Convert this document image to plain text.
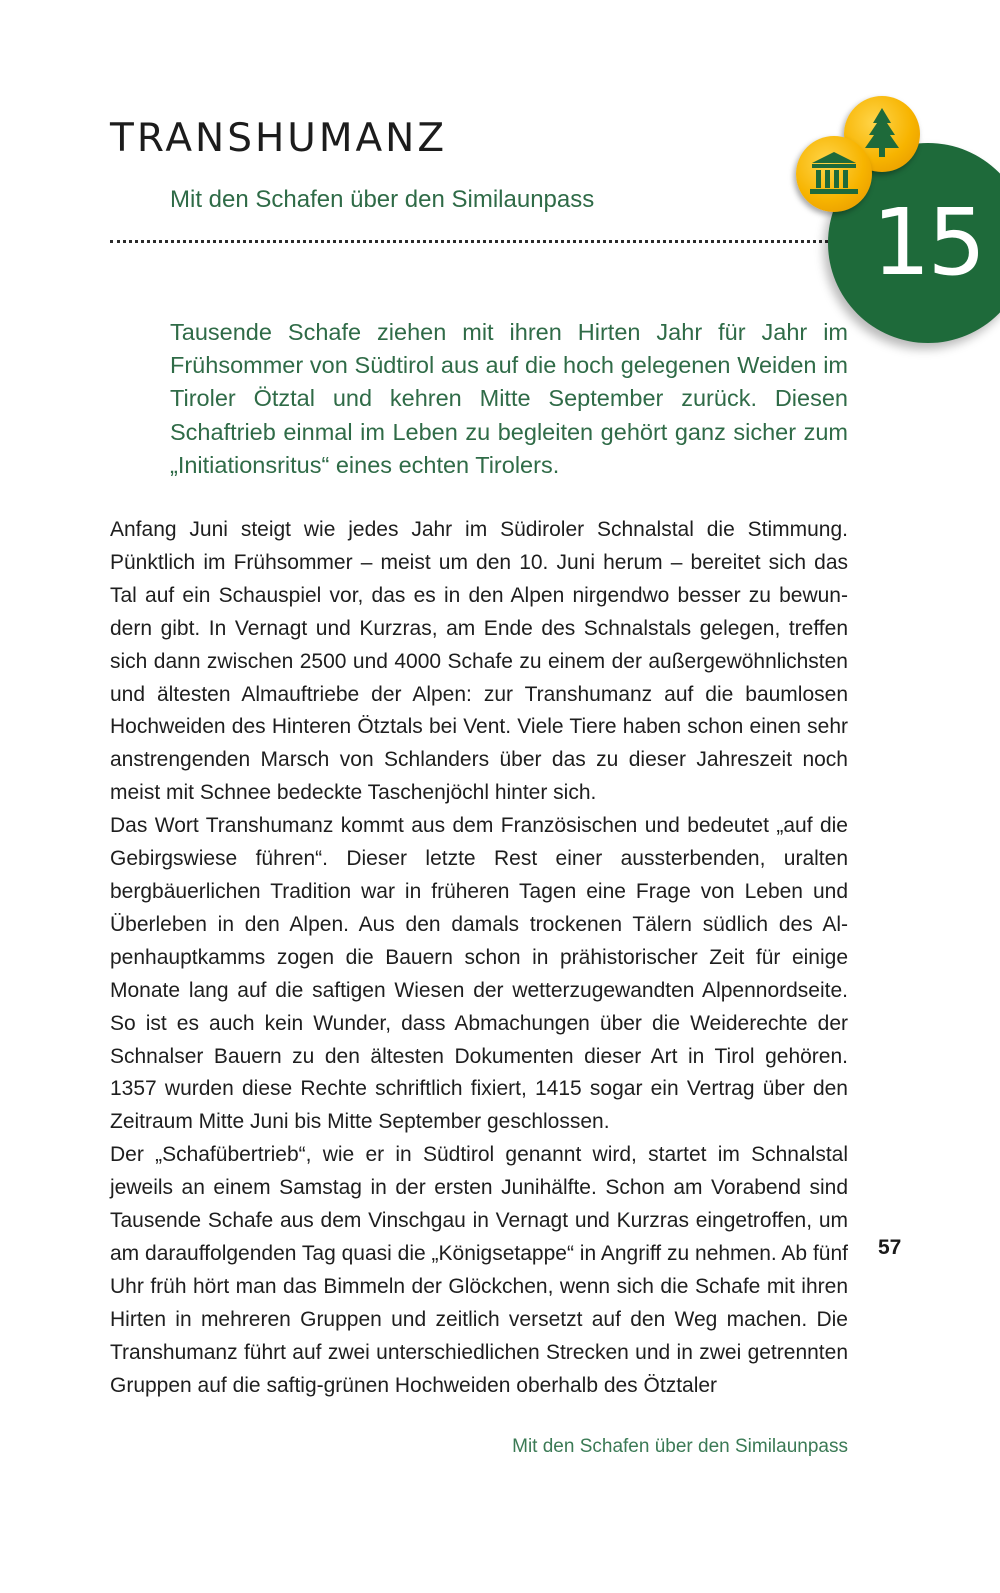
TRANSHUMANZ
Mit den Schafen über den Similaunpass	15

Tausende Schafe ziehen mit ihren Hirten Jahr für Jahr im Frühsommer von Südtirol aus auf die hoch gelegenen Weiden im Tiroler Ötztal und kehren Mitte September zurück. Diesen Schaftrieb einmal im Leben zu begleiten gehört ganz sicher zum „Initiationsritus“ eines echten Tirolers.

Anfang Juni steigt wie jedes Jahr im Südiroler Schnalstal die Stimmung. Pünktlich im Frühsommer – meist um den 10. Juni herum – bereitet sich das Tal auf ein Schauspiel vor, das es in den Alpen nirgendwo besser zu bewundern gibt. In Vernagt und Kurzras, am Ende des Schnalstals gelegen, treffen sich dann zwischen 2500 und 4000 Schafe zu einem der außergewöhnlichsten und ältesten Almauftriebe der Alpen: zur Transhumanz auf die baumlosen Hochweiden des Hinteren Ötztals bei Vent. Viele Tiere haben schon einen sehr anstrengenden Marsch von Schlanders über das zu dieser Jahreszeit noch meist mit Schnee bedeckte Taschenjöchl hinter sich.

Das Wort Transhumanz kommt aus dem Französischen und bedeutet „auf die Gebirgswiese führen“. Dieser letzte Rest einer aussterbenden, uralten bergbäuerlichen Tradition war in früheren Tagen eine Frage von Leben und Überleben in den Alpen. Aus den damals trockenen Tälern südlich des Alpenhauptkamms zogen die Bauern schon in prähistorischer Zeit für einige Monate lang auf die saftigen Wiesen der wetterzugewandten Alpennordseite. So ist es auch kein Wunder, dass Abmachungen über die Weiderechte der Schnalser Bauern zu den ältesten Dokumenten dieser Art in Tirol gehören. 1357 wurden diese Rechte schriftlich fixiert, 1415 sogar ein Vertrag über den Zeitraum Mitte Juni bis Mitte September geschlossen.

Der „Schafübertrieb“, wie er in Südtirol genannt wird, startet im Schnalstal jeweils an einem Samstag in der ersten Junihälfte. Schon am Vorabend sind Tausende Schafe aus dem Vinschgau in Vernagt und Kurzras eingetroffen, um am darauffolgenden Tag quasi die „Königsetappe“ in Angriff zu nehmen. Ab fünf Uhr früh hört man das Bimmeln der Glöckchen, wenn sich die Schafe mit ihren Hirten in mehreren Gruppen und zeitlich versetzt auf den Weg machen. Die Transhumanz führt auf zwei unterschiedlichen Strecken und in zwei getrennten Gruppen auf die saftig-grünen Hochweiden oberhalb des Ötztaler

57
Mit den Schafen über den Similaunpass
